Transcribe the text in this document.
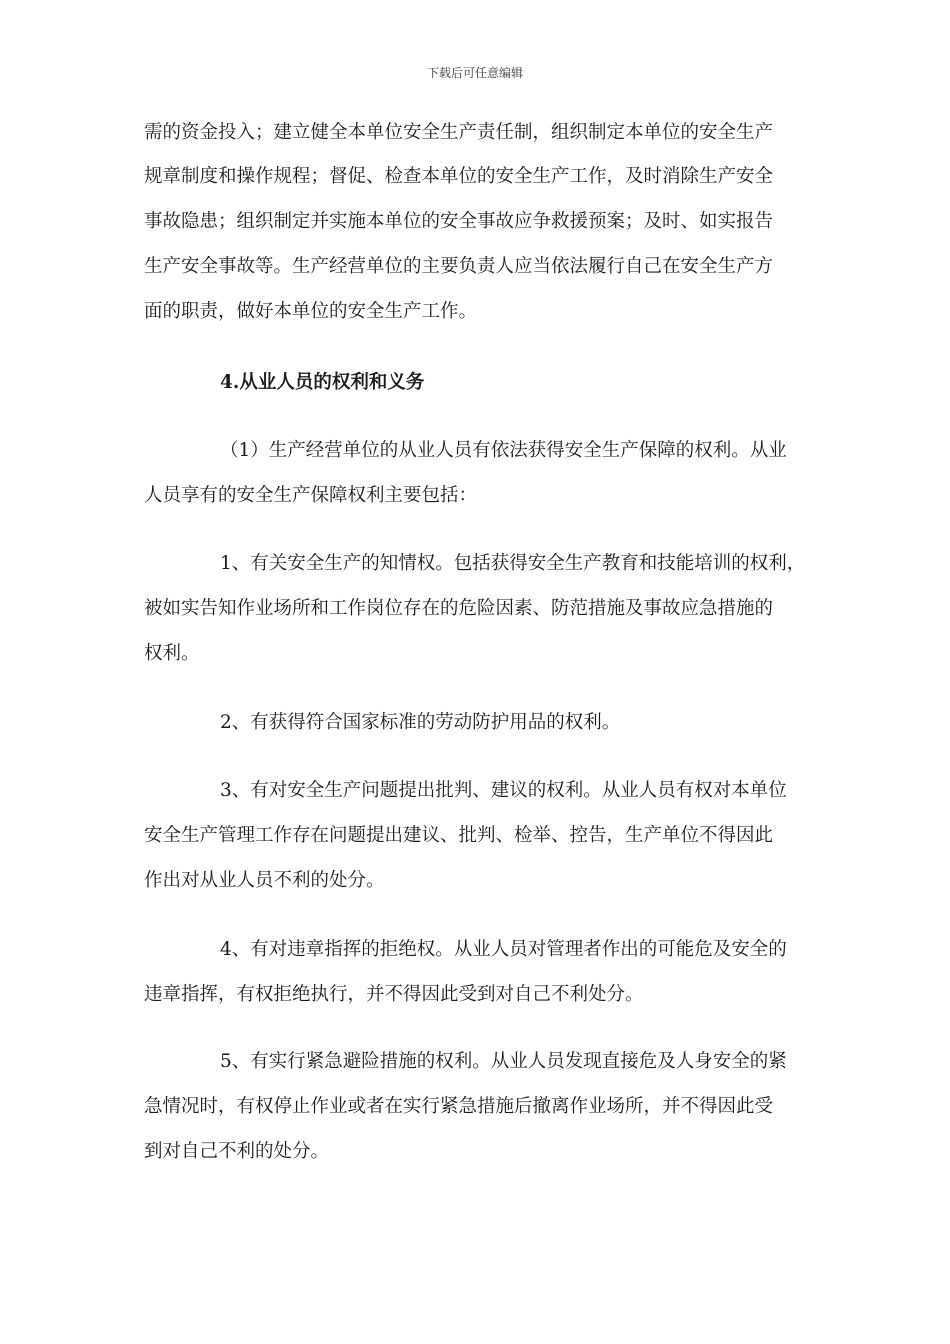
下载后可任意编辑
需的资金投入；建立健全本单位安全生产责任制，组织制定本单位的安全生产
规章制度和操作规程；督促、检查本单位的安全生产工作，及时消除生产安全
事故隐患；组织制定并实施本单位的安全事故应争救援预案；及时、如实报告
生产安全事故等。生产经营单位的主要负责人应当依法履行自己在安全生产方
面的职责，做好本单位的安全生产工作。
4.从业人员的权利和义务
（1）生产经营单位的从业人员有依法获得安全生产保障的权利。从业
人员享有的安全生产保障权利主要包括：
1、有关安全生产的知情权。包括获得安全生产教育和技能培训的权利，
被如实告知作业场所和工作岗位存在的危险因素、防范措施及事故应急措施的
权利。
2、有获得符合国家标准的劳动防护用品的权利。
3、有对安全生产问题提出批判、建议的权利。从业人员有权对本单位
安全生产管理工作存在问题提出建议、批判、检举、控告，生产单位不得因此
作出对从业人员不利的处分。
4、有对违章指挥的拒绝权。从业人员对管理者作出的可能危及安全的
违章指挥，有权拒绝执行，并不得因此受到对自己不利处分。
5、有实行紧急避险措施的权利。从业人员发现直接危及人身安全的紧
急情况时，有权停止作业或者在实行紧急措施后撤离作业场所，并不得因此受
到对自己不利的处分。
